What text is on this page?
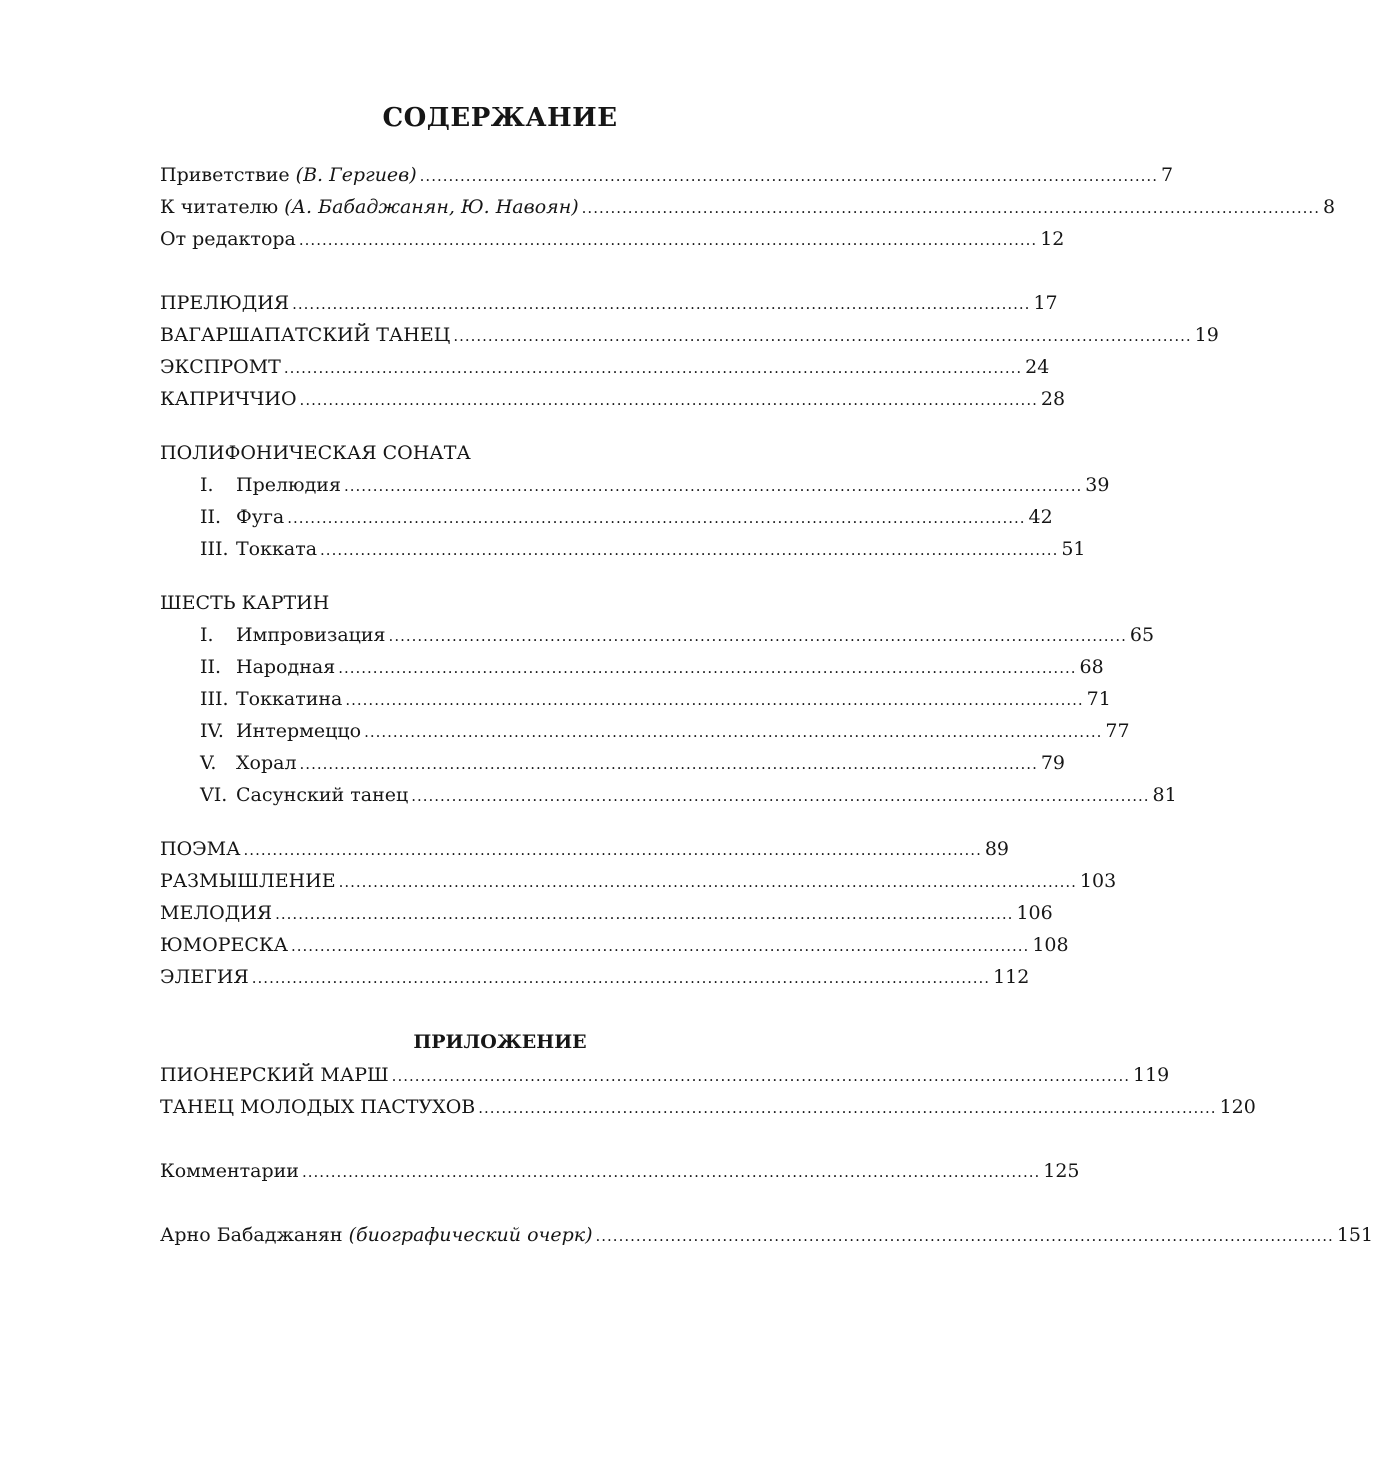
СОДЕРЖАНИЕ
Приветствие (В. Гергиев) ................................................................................................................................ 7
К читателю (А. Бабаджанян, Ю. Навоян) ................................................................................................................................ 8
От редактора ................................................................................................................................ 12
ПРЕЛЮДИЯ ................................................................................................................................ 17
ВАГАРШАПАТСКИЙ ТАНЕЦ ................................................................................................................................ 19
ЭКСПРОМТ ................................................................................................................................ 24
КАПРИЧЧИО ................................................................................................................................ 28
ПОЛИФОНИЧЕСКАЯ СОНАТА
I.	Прелюдия ................................................................................................................................ 39
II. Фуга ................................................................................................................................ 42
III. Токката ................................................................................................................................ 51
ШЕСТЬ КАРТИН
I.	Импровизация ................................................................................................................................ 65
II. Народная ................................................................................................................................ 68
III. Токкатина ................................................................................................................................ 71
IV. Интермеццо ................................................................................................................................ 77
V.	Хорал ................................................................................................................................ 79
VI. Сасунский танец ................................................................................................................................ 81
ПОЭМА ................................................................................................................................ 89
РАЗМЫШЛЕНИЕ ................................................................................................................................ 103
МЕЛОДИЯ ................................................................................................................................ 106
ЮМОРЕСКА ................................................................................................................................ 108
ЭЛЕГИЯ ................................................................................................................................ 112
ПРИЛОЖЕНИЕ
ПИОНЕРСКИЙ МАРШ ................................................................................................................................ 119
ТАНЕЦ МОЛОДЫХ ПАСТУХОВ ................................................................................................................................ 120
Комментарии ................................................................................................................................ 125
Арно Бабаджанян (биографический очерк) ................................................................................................................................ 151
